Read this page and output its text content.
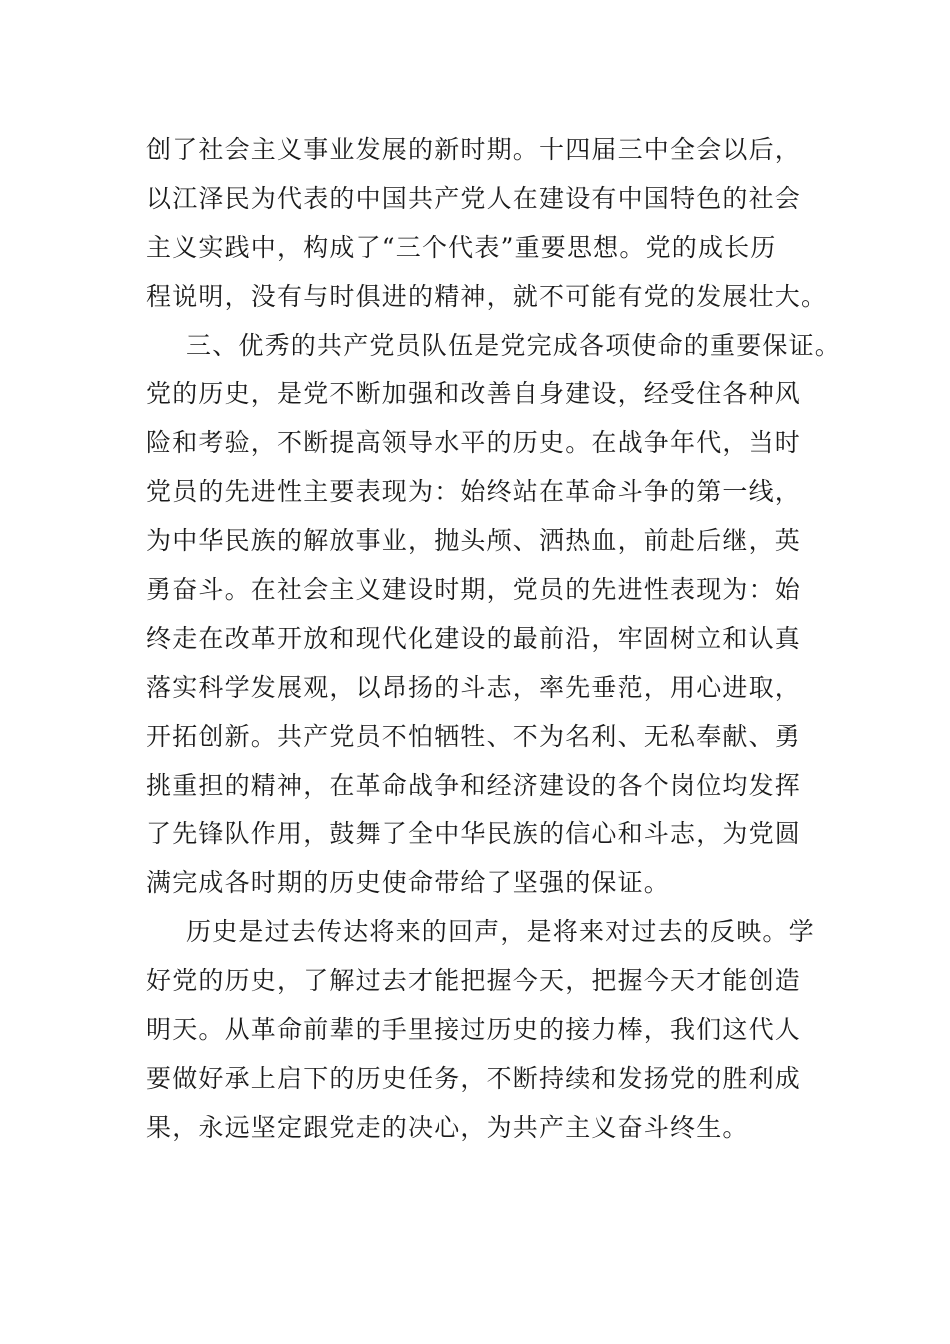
创了社会主义事业发展的新时期。十四届三中全会以后，
以江泽民为代表的中国共产党人在建设有中国特色的社会
主义实践中，构成了“三个代表”重要思想。党的成长历
程说明，没有与时俱进的精神，就不可能有党的发展壮大。
三、优秀的共产党员队伍是党完成各项使命的重要保证。
党的历史，是党不断加强和改善自身建设，经受住各种风
险和考验，不断提高领导水平的历史。在战争年代，当时
党员的先进性主要表现为：始终站在革命斗争的第一线，
为中华民族的解放事业，抛头颅、洒热血，前赴后继，英
勇奋斗。在社会主义建设时期，党员的先进性表现为：始
终走在改革开放和现代化建设的最前沿，牢固树立和认真
落实科学发展观，以昂扬的斗志，率先垂范，用心进取，
开拓创新。共产党员不怕牺牲、不为名利、无私奉献、勇
挑重担的精神，在革命战争和经济建设的各个岗位均发挥
了先锋队作用，鼓舞了全中华民族的信心和斗志，为党圆
满完成各时期的历史使命带给了坚强的保证。
历史是过去传达将来的回声，是将来对过去的反映。学
好党的历史，了解过去才能把握今天，把握今天才能创造
明天。从革命前辈的手里接过历史的接力棒，我们这代人
要做好承上启下的历史任务，不断持续和发扬党的胜利成
果，永远坚定跟党走的决心，为共产主义奋斗终生。
